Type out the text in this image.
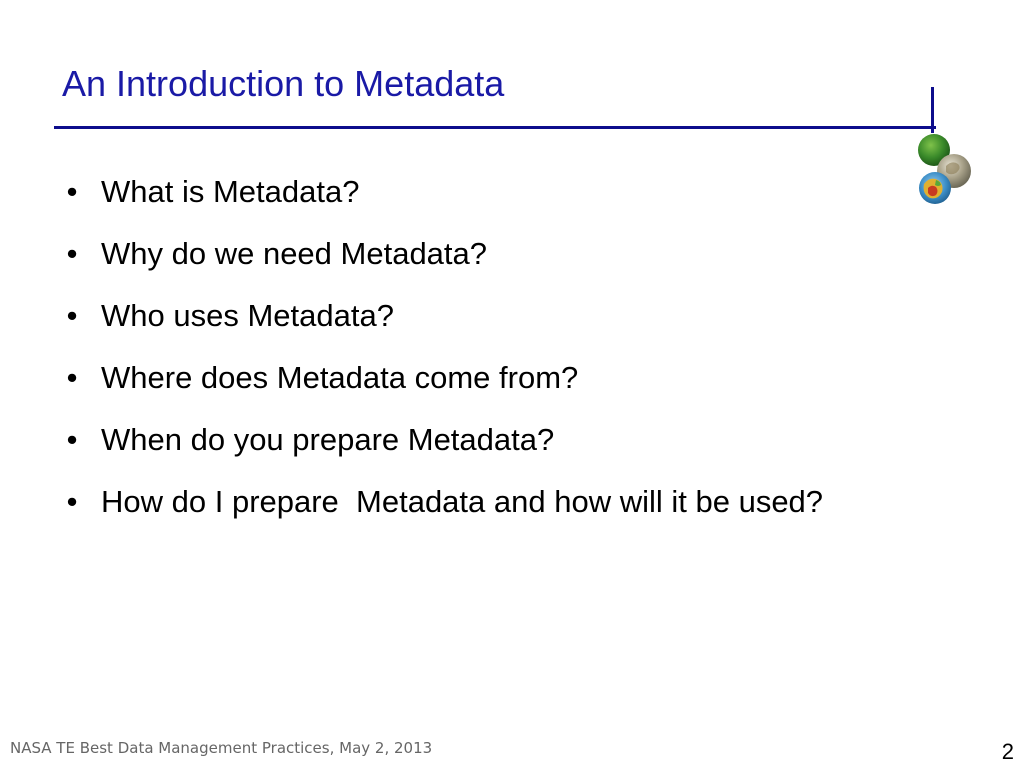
An Introduction to Metadata
• What is Metadata?
• Why do we need Metadata?
• Who uses Metadata?
• Where does Metadata come from?
• When do you prepare Metadata?
• How do I prepare  Metadata and how will it be used?
NASA TE Best Data Management Practices, May 2, 2013	2
